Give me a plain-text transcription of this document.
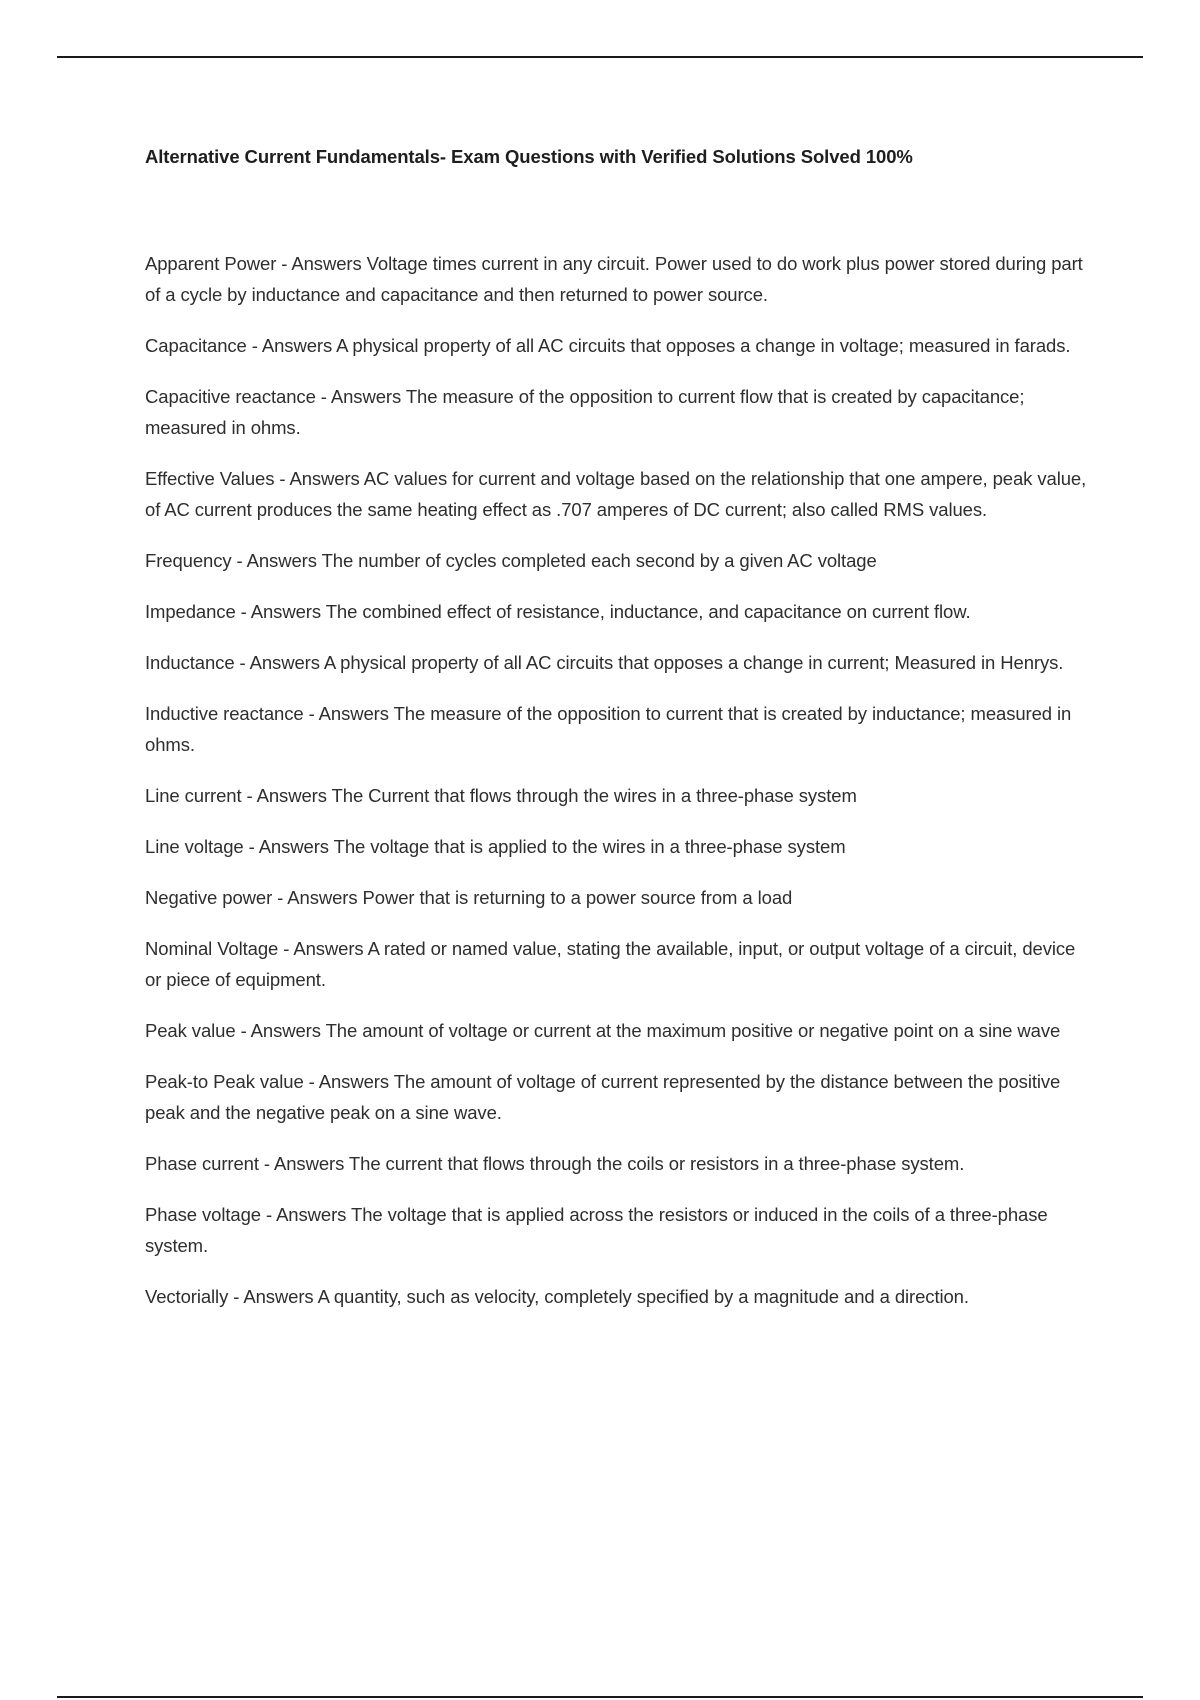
Alternative Current Fundamentals- Exam Questions with Verified Solutions Solved 100%
Apparent Power - Answers Voltage times current in any circuit. Power used to do work plus power stored during part of a cycle by inductance and capacitance and then returned to power source.
Capacitance - Answers A physical property of all AC circuits that opposes a change in voltage; measured in farads.
Capacitive reactance - Answers The measure of the opposition to current flow that is created by capacitance; measured in ohms.
Effective Values - Answers AC values for current and voltage based on the relationship that one ampere, peak value, of AC current produces the same heating effect as .707 amperes of DC current; also called RMS values.
Frequency - Answers The number of cycles completed each second by a given AC voltage
Impedance - Answers The combined effect of resistance, inductance, and capacitance on current flow.
Inductance - Answers A physical property of all AC circuits that opposes a change in current; Measured in Henrys.
Inductive reactance - Answers The measure of the opposition to current that is created by inductance; measured in ohms.
Line current - Answers The Current that flows through the wires in a three-phase system
Line voltage - Answers The voltage that is applied to the wires in a three-phase system
Negative power - Answers Power that is returning to a power source from a load
Nominal Voltage - Answers A rated or named value, stating the available, input, or output voltage of a circuit, device or piece of equipment.
Peak value - Answers The amount of voltage or current at the maximum positive or negative point on a sine wave
Peak-to Peak value - Answers The amount of voltage of current represented by the distance between the positive peak and the negative peak on a sine wave.
Phase current - Answers The current that flows through the coils or resistors in a three-phase system.
Phase voltage - Answers The voltage that is applied across the resistors or induced in the coils of a three-phase system.
Vectorially - Answers A quantity, such as velocity, completely specified by a magnitude and a direction.
